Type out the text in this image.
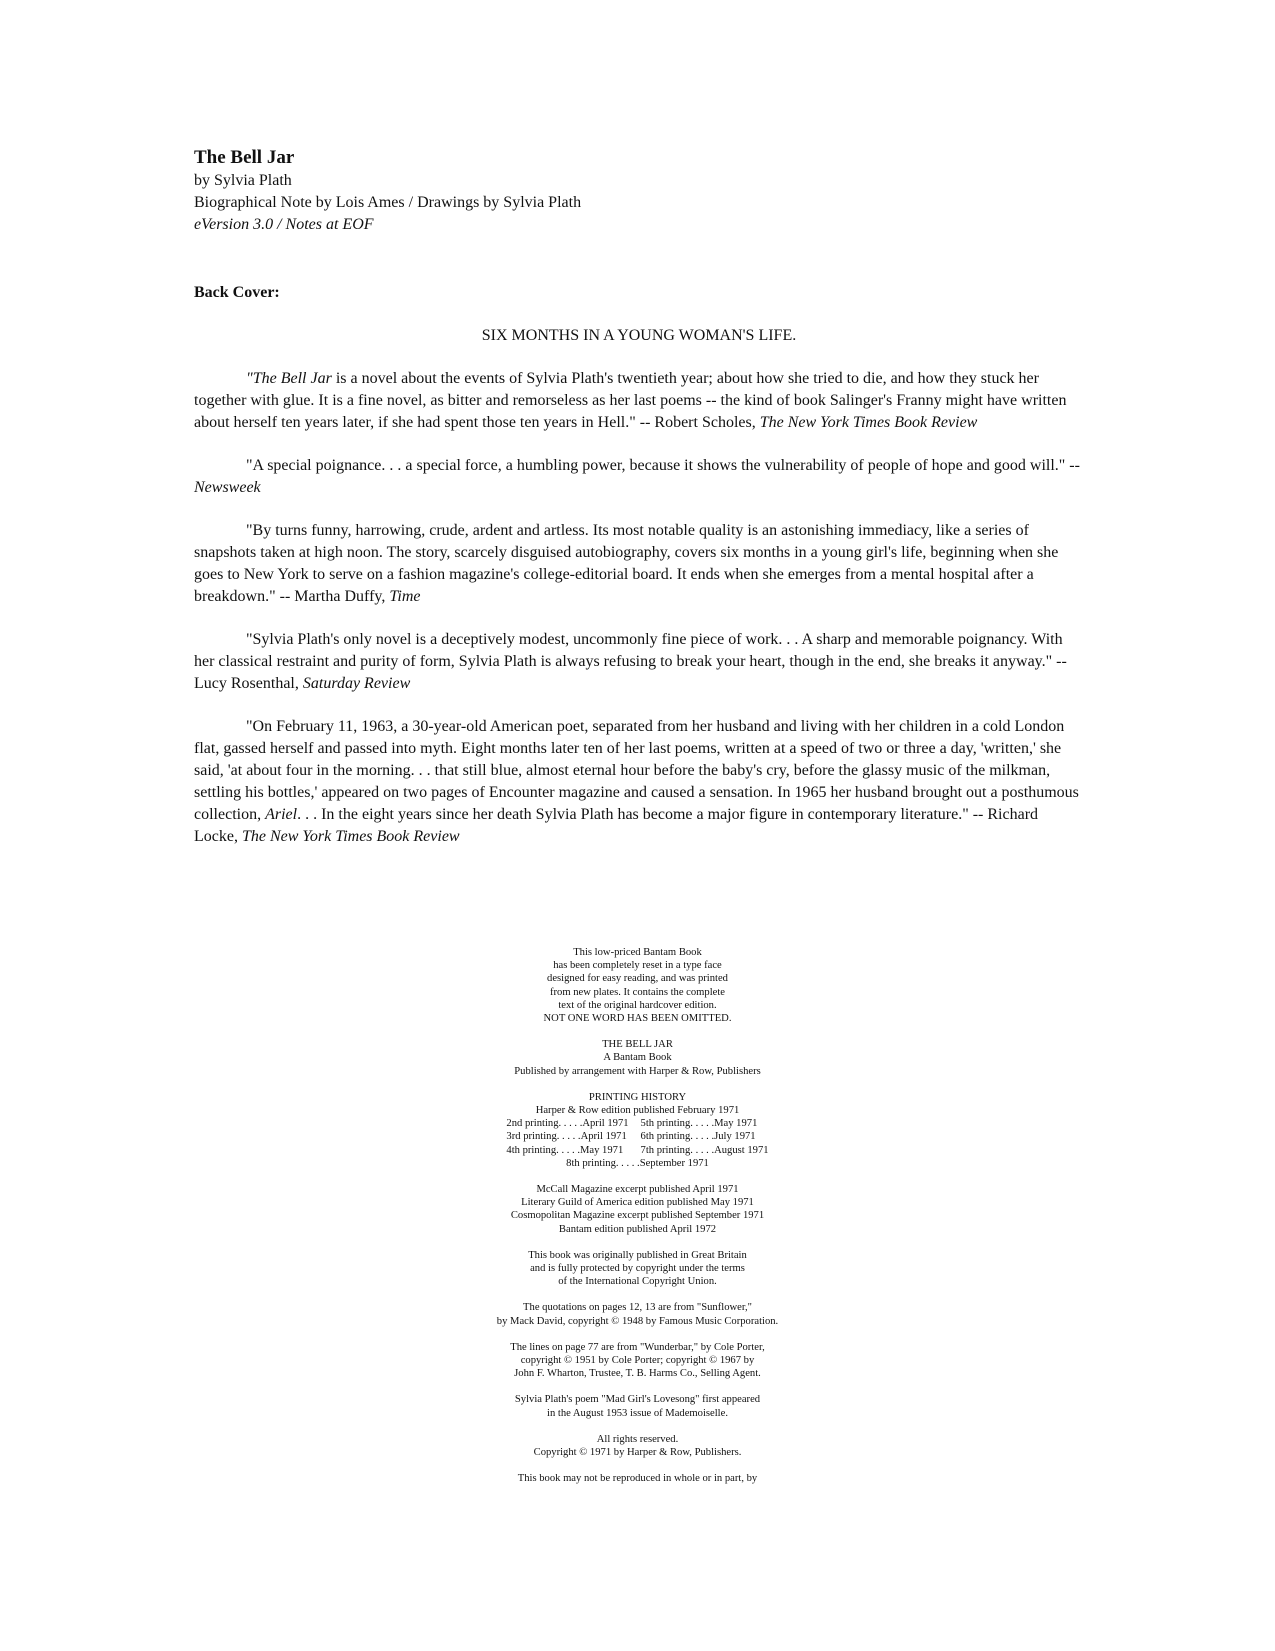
The Bell Jar

by Sylvia Plath

Biographical Note by Lois Ames / Drawings by Sylvia Plath

eVersion 3.0 / Notes at EOF

Back Cover:

SIX MONTHS IN A YOUNG WOMAN'S LIFE.

"The Bell Jar is a novel about the events of Sylvia Plath's twentieth year; about how she tried to die, and how they stuck her together with glue. It is a fine novel, as bitter and remorseless as her last poems -- the kind of book Salinger's Franny might have written about herself ten years later, if she had spent those ten years in Hell." -- Robert Scholes, The New York Times Book Review

"A special poignance. . . a special force, a humbling power, because it shows the vulnerability of people of hope and good will." -- Newsweek

"By turns funny, harrowing, crude, ardent and artless. Its most notable quality is an astonishing immediacy, like a series of snapshots taken at high noon. The story, scarcely disguised autobiography, covers six months in a young girl's life, beginning when she goes to New York to serve on a fashion magazine's college-editorial board. It ends when she emerges from a mental hospital after a breakdown." -- Martha Duffy, Time

"Sylvia Plath's only novel is a deceptively modest, uncommonly fine piece of work. . . A sharp and memorable poignancy. With her classical restraint and purity of form, Sylvia Plath is always refusing to break your heart, though in the end, she breaks it anyway." -- Lucy Rosenthal, Saturday Review

"On February 11, 1963, a 30-year-old American poet, separated from her husband and living with her children in a cold London flat, gassed herself and passed into myth. Eight months later ten of her last poems, written at a speed of two or three a day, 'written,' she said, 'at about four in the morning. . . that still blue, almost eternal hour before the baby's cry, before the glassy music of the milkman, settling his bottles,' appeared on two pages of Encounter magazine and caused a sensation. In 1965 her husband brought out a posthumous collection, Ariel. . . In the eight years since her death Sylvia Plath has become a major figure in contemporary literature." -- Richard Locke, The New York Times Book Review

This low-priced Bantam Book

has been completely reset in a type face

designed for easy reading, and was printed

from new plates. It contains the complete

text of the original hardcover edition.

NOT ONE WORD HAS BEEN OMITTED.

THE BELL JAR

A Bantam Book

Published by arrangement with Harper & Row, Publishers

PRINTING HISTORY

Harper & Row edition published February 1971

2nd printing. . . . .April 1971 5th printing. . . . .May 1971
3rd printing. . . . .April 1971 6th printing. . . . .July 1971
4th printing. . . . .May 1971	7th printing. . . . .August 1971

8th printing. . . . .September 1971

McCall Magazine excerpt published April 1971

Literary Guild of America edition published May 1971

Cosmopolitan Magazine excerpt published September 1971

Bantam edition published April 1972

This book was originally published in Great Britain

and is fully protected by copyright under the terms

of the International Copyright Union.

The quotations on pages 12, 13 are from "Sunflower,"

by Mack David, copyright © 1948 by Famous Music Corporation.

The lines on page 77 are from "Wunderbar," by Cole Porter,

copyright © 1951 by Cole Porter; copyright © 1967 by

John F. Wharton, Trustee, T. B. Harms Co., Selling Agent.

Sylvia Plath's poem "Mad Girl's Lovesong" first appeared

in the August 1953 issue of Mademoiselle.

All rights reserved.

Copyright © 1971 by Harper & Row, Publishers.

This book may not be reproduced in whole or in part, by
